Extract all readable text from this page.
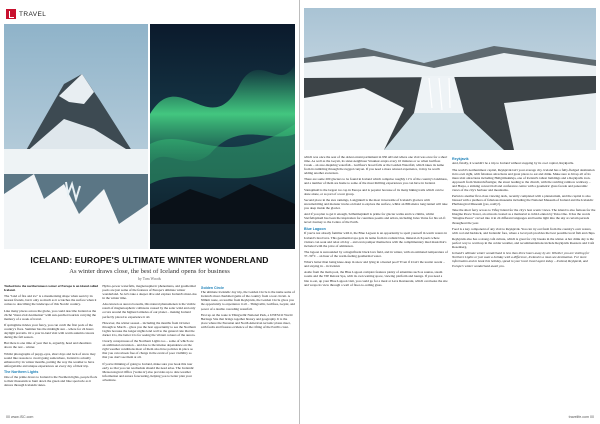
TRAVEL
ICELAND: EUROPE'S ULTIMATE WINTER WONDERLAND
As winter draws close, the best of Iceland opens for business
by Tom Woods

Tucked into the northernmost corner of Europe is an island called Iceland.

The "land of fire and ice" is a mesmerising shape when seen by its nearest friends, but it only as much as it scratches the surface when it comes to describing the landscape of this Nordic country.

Like many places across the globe, you could describe Iceland as the cliché "must-visit destination" with sun-parched tourists carrying the memory of a week of travel.

If springtime tickles your fancy, you can catch the first pods of the country's flora. Summer has the midnight sun – where for 24 hours daylight prevails. Or a year in-land visit with warm autumn colours during the fall season.

But there is one time of year that is, arguably, head and shoulders above the rest – winter.

Whilst photographs of puppy-eyes, short days and lack of snow may sound like reasons to avoid going somewhere, Iceland is actually enhanced by its winter months, putting the way the weather to have unforgettable and unique experiences on every day of their trip.

The Northern Lights

One of the prime draws to Iceland is the Northern lights, people flock to their thousands to hunt down the green and blue spectacle as it dances through Icelandic skies.

Hydro-power waterfalls, magnetospheric phenomena, and geothermal pools are just some of the features of Europe's ultimate winter wonderland. So let's take a deeper dive and explore Iceland's must-dos in the winter time.

Also known as aurora borealis, this natural phenomenon is the visible result of magnetospheric collisions caused by the solar wind and only occurs around the highest latitudes of our planet – making Iceland perfectly placed to experience it all.

However, the winter season – including the months from October through to March – gives you the best opportunity to see the Northern Lights because the longer nights lend well to the general rule that the darker it is, the better it is for seeing the vibrant colours of the aurora.

Clearly conspicuous of the Northern Lights too – some of which are an additional excursion – and due to the intense dependence on the right weather conditions most of them also have policies in place so that you can rebook free of charge in the event of poor visibility so that you don't see them at all.

If you're thinking of going to Iceland, make sure you book this tour early so that you can reschedule should the need arise. The Icelandic Meteorological Office ('vedur.is') also provides up to date weather information and aurora forecasting, helping you to better plan your adventure.

Golden Circle

The ultimate Icelandic day trip, the Golden Circle is the name some of Iceland's most cherished gems of the country from a tour circuit. A 300km route, accessible from Reykjavik, the Golden Circle gives you the opportunity to experience it all – Thingvellir, Gullfoss, Geysir, and power of a double cascading waterfall.

First up on the route is Thingvellir National Park, a UNESCO World Heritage Site that brings together history and geography. It is the place where the Eurasian and North American tectonic plates meet, with faults and fissures evidence of the rifting of the Earth's crust.

00 www.ISC.com

which was once the seat of the oldest extant parliament in 930 AD and where one visit was once for a short time. As well as the Geysir, its sister-neighbour Strokkur erupts every 10 minutes or so when Gullfoss Creek – an awe-inspiring waterfall... Gullfoss's broad falls or the Golden Waterfall, which takes its name from its tumbling through the rugged canyon. If you need a more relaxed experience, it may be worth adding another excursion.

There are some 200 glaciers to be found in Iceland which comprise roughly 11% of the country's landmass, and a number of them are home to some of the most thrilling experiences you can have in Iceland.

Vatnajökull is the largest ice cap in Europe and is popular because of its many hiking trails which can be done alone, or as part of a tour group.

Second place in the size rankings, Langjökull is the most traversable of Iceland's glaciers with snowmobiling and monster trucks on hand to explore the surface, whilst an 800-metre long tunnel will take you deep inside the glacier.

And if you plan to get it enough, Sólheimajökull is prime for glacier walks and ice climbs, whilst Snæfellsjökull has been the inspiration for countless poems and artists, including Jules Verne for his sci-fi novel Journey to the Centre of the Earth.

Blue Lagoon

If you're not already familiar with it, the Blue Lagoon is an opportunity to spoil yourself in warm waters in Iceland's tired lava. This geothermal spa gets its name from its radiant blue, mineral-rich pools where visitors can soak and relax all day – and even pamper themselves with the complimentary mud mask that's included with the price of admission.

The lagoon is surrounded by a magnificent black lava field, and in winter, with an estimated temperature of 37–39°C – an hour of the warm-feeling geothermal water.

What's better than being knee-deep in snow and lying in a heated pool? Even if it isn't the tourist ascent – and staying in – in Iceland.

Aside from the main pool, the Blue Lagoon complex features plenty of amenities such as saunas, steam rooms and the VIP Retreat Spa, with its own waiting space, viewing platform and lounge. If you need a bite to eat, up your Blue Lagoon visit, you could go for a meal at Lava Restaurant, which overlooks the site and wraps its view through a wall of floor-to-ceiling glass.

Reykjavík

And, finally, it wouldn't be a trip to Iceland without stopping by its cool capital, Reykjavík.

The world's northernmost capital, Reykjavík isn't your average city. Iceland has a fully-fledged destination in its own right, with fabulous attractions and great places to eat and drink. Make sure to hit up all of its must-visit attractions including Hallgrímskirkja, one of Iceland's tallest buildings and a Reykjavík icon. Approach from Skólavörðustígur, the street leading to the church, with the swirling rainbow walkway – and Harpa, a striking concert hall and conference centre with a geometric glass facade and panoramic views of the city's harbour and mountains.

Perlan is another first-class viewing deck, recently completed with a planetarium, and the capital is also blessed with a plethora of fabulous museums including the National Museum of Iceland and the Icelandic Phallological Museum (yes, really!).

Take the short ferry across to Viðey Island for the city's best scenic views. The island is also famous for the Imagine Peace Tower, an artwork created as a memorial to John Lennon by Yoko Ono. It has the words "Imagine Peace" carved into it in 24 different languages and beams light into the sky at certain periods throughout the year.

Food is a key component of any visit to Reykjavík. You can try out fresh from the country's own waters, with cod and haddock, and Icelandic fare, where a local pub provides the best possible local fish and chips.

Reykjavík also has a strong café culture, which is great for city breaks in the winter. A hot drink day is the perfect way to warm up in the colder weather, and recommendations include Reykjavík Roasters and Café Rosenberg.

Iceland's ultimate winter wonderland is less than three hours away by air. Whether you are visiting for Northern Lights or just want a holiday with a difference, Iceland is a must-see destination. For more information and to book this holiday, speak to your local travel agent today – Iceland, Reykjavík, and Europe's winter wonderland await you.

travelife.com 00
